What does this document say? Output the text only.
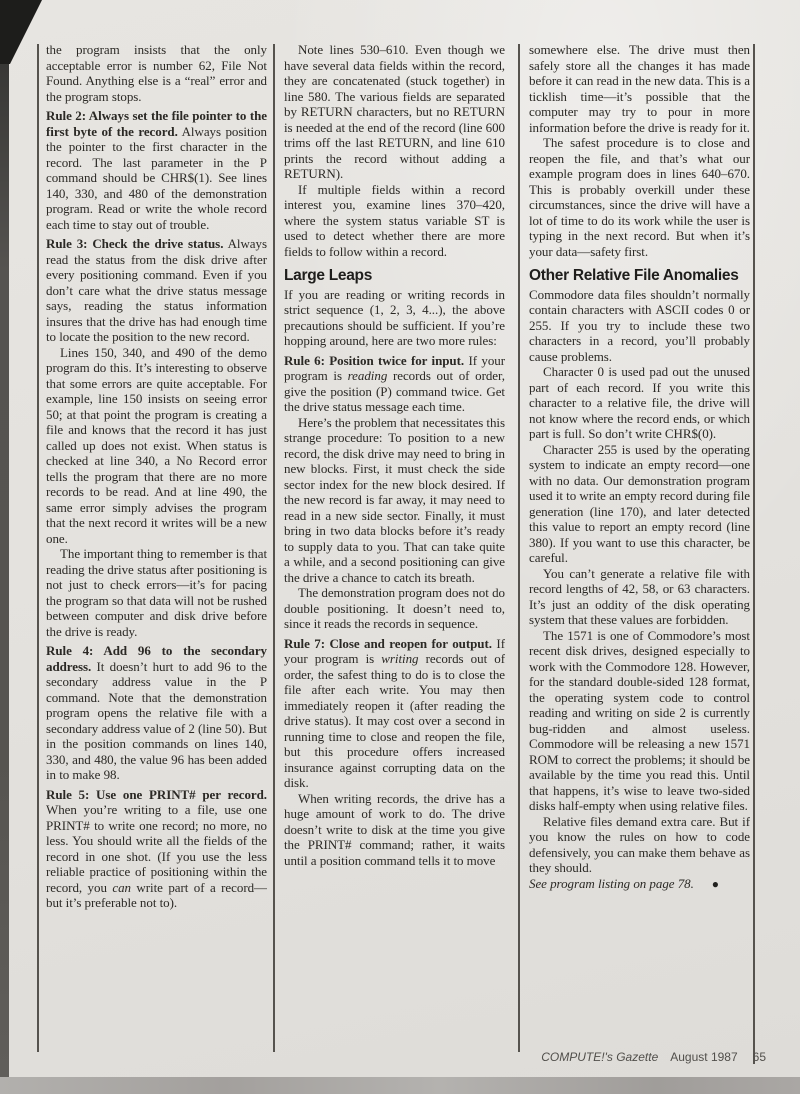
the program insists that the only acceptable error is number 62, File Not Found. Anything else is a “real” error and the program stops.

Rule 2: Always set the file pointer to the first byte of the record. Always position the pointer to the first character in the record. The last parameter in the P command should be CHR$(1). See lines 140, 330, and 480 of the demonstration program. Read or write the whole record each time to stay out of trouble.

Rule 3: Check the drive status. Always read the status from the disk drive after every positioning command. Even if you don’t care what the drive status message says, reading the status information insures that the drive has had enough time to locate the position to the new record.

Lines 150, 340, and 490 of the demo program do this. It’s interesting to observe that some errors are quite acceptable. For example, line 150 insists on seeing error 50; at that point the program is creating a file and knows that the record it has just called up does not exist. When status is checked at line 340, a No Record error tells the program that there are no more records to be read. And at line 490, the same error simply advises the program that the next record it writes will be a new one.

The important thing to remember is that reading the drive status after positioning is not just to check errors—it’s for pacing the program so that data will not be rushed between computer and disk drive before the drive is ready.

Rule 4: Add 96 to the secondary address. It doesn’t hurt to add 96 to the secondary address value in the P command. Note that the demonstration program opens the relative file with a secondary address value of 2 (line 50). But in the position commands on lines 140, 330, and 480, the value 96 has been added in to make 98.

Rule 5: Use one PRINT# per record. When you’re writing to a file, use one PRINT# to write one record; no more, no less. You should write all the fields of the record in one shot. (If you use the less reliable practice of positioning within the record, you can write part of a record—but it’s preferable not to).

Note lines 530–610. Even though we have several data fields within the record, they are concatenated (stuck together) in line 580. The various fields are separated by RETURN characters, but no RETURN is needed at the end of the record (line 600 trims off the last RETURN, and line 610 prints the record without adding a RETURN).

If multiple fields within a record interest you, examine lines 370–420, where the system status variable ST is used to detect whether there are more fields to follow within a record.

Large Leaps

If you are reading or writing records in strict sequence (1, 2, 3, 4...), the above precautions should be sufficient. If you’re hopping around, here are two more rules:

Rule 6: Position twice for input. If your program is reading records out of order, give the position (P) command twice. Get the drive status message each time.

Here’s the problem that necessitates this strange procedure: To position to a new record, the disk drive may need to bring in new blocks. First, it must check the side sector index for the new block desired. If the new record is far away, it may need to read in a new side sector. Finally, it must bring in two data blocks before it’s ready to supply data to you. That can take quite a while, and a second positioning can give the drive a chance to catch its breath.

The demonstration program does not do double positioning. It doesn’t need to, since it reads the records in sequence.

Rule 7: Close and reopen for output. If your program is writing records out of order, the safest thing to do is to close the file after each write. You may then immediately reopen it (after reading the drive status). It may cost over a second in running time to close and reopen the file, but this procedure offers increased insurance against corrupting data on the disk.

When writing records, the drive has a huge amount of work to do. The drive doesn’t write to disk at the time you give the PRINT# command; rather, it waits until a position command tells it to move

somewhere else. The drive must then safely store all the changes it has made before it can read in the new data. This is a ticklish time—it’s possible that the computer may try to pour in more information before the drive is ready for it.

The safest procedure is to close and reopen the file, and that’s what our example program does in lines 640–670. This is probably overkill under these circumstances, since the drive will have a lot of time to do its work while the user is typing in the next record. But when it’s your data—safety first.

Other Relative File Anomalies

Commodore data files shouldn’t normally contain characters with ASCII codes 0 or 255. If you try to include these two characters in a record, you’ll probably cause problems.

Character 0 is used pad out the unused part of each record. If you write this character to a relative file, the drive will not know where the record ends, or which part is full. So don’t write CHR$(0).

Character 255 is used by the operating system to indicate an empty record—one with no data. Our demonstration program used it to write an empty record during file generation (line 170), and later detected this value to report an empty record (line 380). If you want to use this character, be careful.

You can’t generate a relative file with record lengths of 42, 58, or 63 characters. It’s just an oddity of the disk operating system that these values are forbidden.

The 1571 is one of Commodore’s most recent disk drives, designed especially to work with the Commodore 128. However, for the standard double-sided 128 format, the operating system code to control reading and writing on side 2 is currently bug-ridden and almost useless. Commodore will be releasing a new 1571 ROM to correct the problems; it should be available by the time you read this. Until that happens, it’s wise to leave two-sided disks half-empty when using relative files.

Relative files demand extra care. But if you know the rules on how to code defensively, you can make them behave as they should.

See program listing on page 78. ●

COMPUTE!'s Gazette August 1987 65
